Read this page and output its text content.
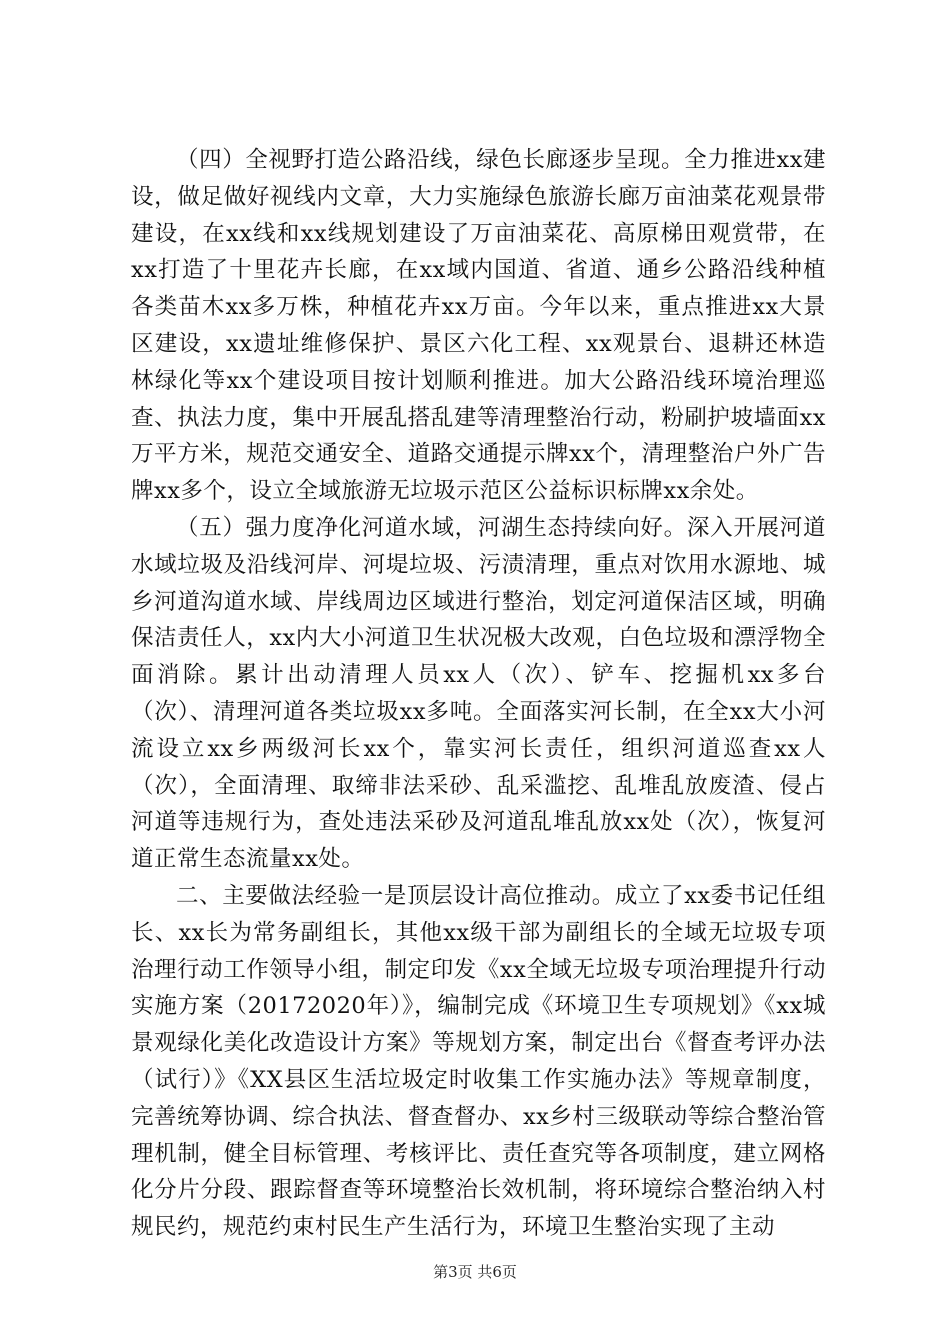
（四）全视野打造公路沿线，绿色长廊逐步呈现。全力推进xx建设，做足做好视线内文章，大力实施绿色旅游长廊万亩油菜花观景带建设，在xx线和xx线规划建设了万亩油菜花、高原梯田观赏带，在xx打造了十里花卉长廊，在xx域内国道、省道、通乡公路沿线种植各类苗木xx多万株，种植花卉xx万亩。今年以来，重点推进xx大景区建设，xx遗址维修保护、景区六化工程、xx观景台、退耕还林造林绿化等xx个建设项目按计划顺利推进。加大公路沿线环境治理巡查、执法力度，集中开展乱搭乱建等清理整治行动，粉刷护坡墙面xx万平方米，规范交通安全、道路交通提示牌xx个，清理整治户外广告牌xx多个，设立全域旅游无垃圾示范区公益标识标牌xx余处。

（五）强力度净化河道水域，河湖生态持续向好。深入开展河道水域垃圾及沿线河岸、河堤垃圾、污渍清理，重点对饮用水源地、城乡河道沟道水域、岸线周边区域进行整治，划定河道保洁区域，明确保洁责任人，xx内大小河道卫生状况极大改观，白色垃圾和漂浮物全面消除。累计出动清理人员xx人（次）、铲车、挖掘机xx多台（次）、清理河道各类垃圾xx多吨。全面落实河长制，在全xx大小河流设立xx乡两级河长xx个，靠实河长责任，组织河道巡查xx人（次），全面清理、取缔非法采砂、乱采滥挖、乱堆乱放废渣、侵占河道等违规行为，查处违法采砂及河道乱堆乱放xx处（次），恢复河道正常生态流量xx处。

二、主要做法经验一是顶层设计高位推动。成立了xx委书记任组长、xx长为常务副组长，其他xx级干部为副组长的全域无垃圾专项治理行动工作领导小组，制定印发《xx全域无垃圾专项治理提升行动实施方案（20172020年）》，编制完成《环境卫生专项规划》《xx城景观绿化美化改造设计方案》等规划方案，制定出台《督查考评办法（试行）》《XX县区生活垃圾定时收集工作实施办法》等规章制度，完善统筹协调、综合执法、督查督办、xx乡村三级联动等综合整治管理机制，健全目标管理、考核评比、责任查究等各项制度，建立网格化分片分段、跟踪督查等环境整治长效机制，将环境综合整治纳入村规民约，规范约束村民生产生活行为，环境卫生整治实现了主动

第3页 共6页
